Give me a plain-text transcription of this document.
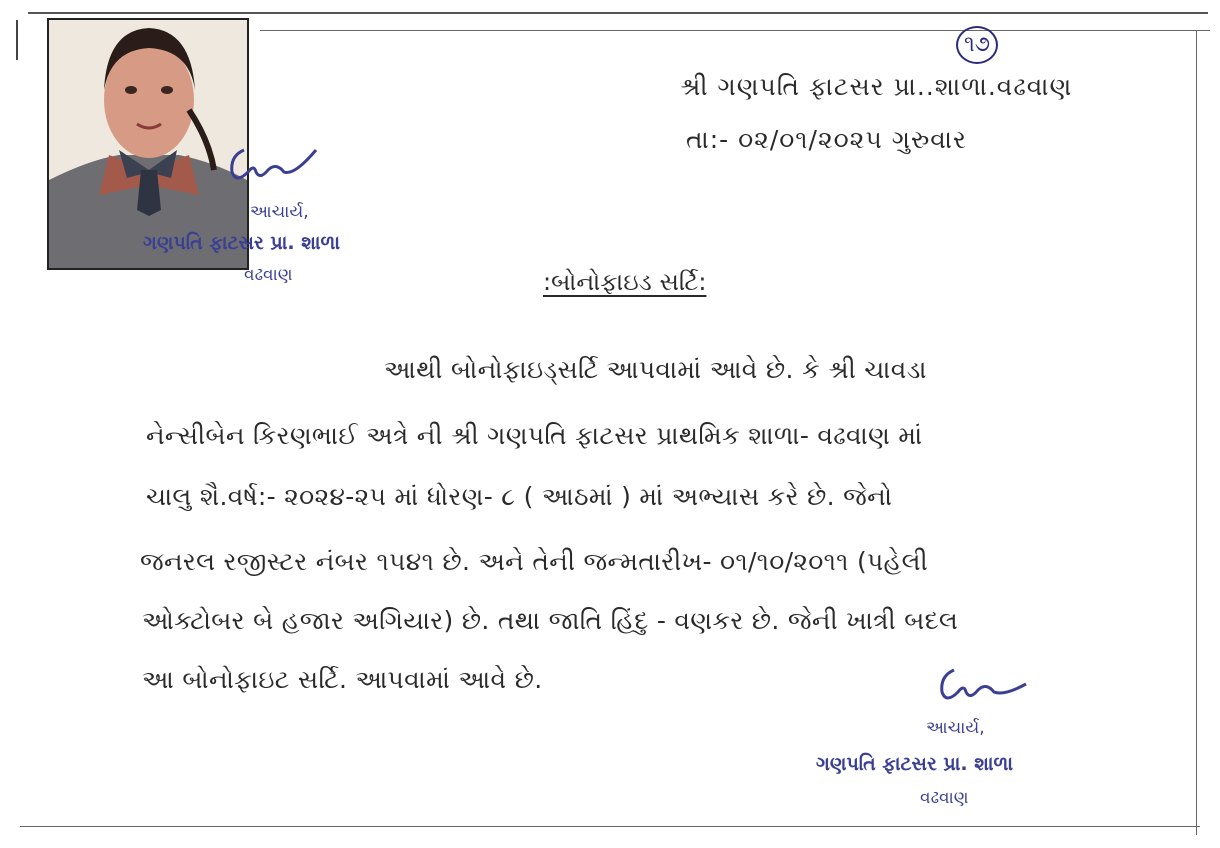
આચાર્ય,
ગણપતિ ફાટસર પ્રા. શાળા
વઢવાણ
૧૭
શ્રી ગણપતિ ફાટસર પ્રા..શાળા.વઢવાણ
તા:- ૦૨/૦૧/૨૦૨૫ ગુરુવાર
:બોનોફાઇડ સર્ટિ:
આથી બોનોફાઇડ્સર્ટિ આપવામાં આવે છે. કે શ્રી ચાવડા
નેન્સીબેન કિરણભાઈ અત્રે ની શ્રી ગણપતિ ફાટસર પ્રાથમિક શાળા- વઢવાણ માં
ચાલુ શૈ.વર્ષ:- ૨૦૨૪-૨૫ માં ધોરણ- ૮ ( આઠમાં ) માં અભ્યાસ કરે છે. જેનો
જનરલ રજીસ્ટર નંબર ૧૫૪૧ છે. અને તેની જન્મતારીખ- ૦૧/૧૦/૨૦૧૧ (પહેલી
ઓક્ટોબર બે હજાર અગિયાર) છે. તથા જાતિ હિંદુ - વણકર છે. જેની ખાત્રી બદલ
આ બોનોફાઇટ સર્ટિ. આપવામાં આવે છે.
આચાર્ય,
ગણપતિ ફાટસર પ્રા. શાળા
વઢવાણ
